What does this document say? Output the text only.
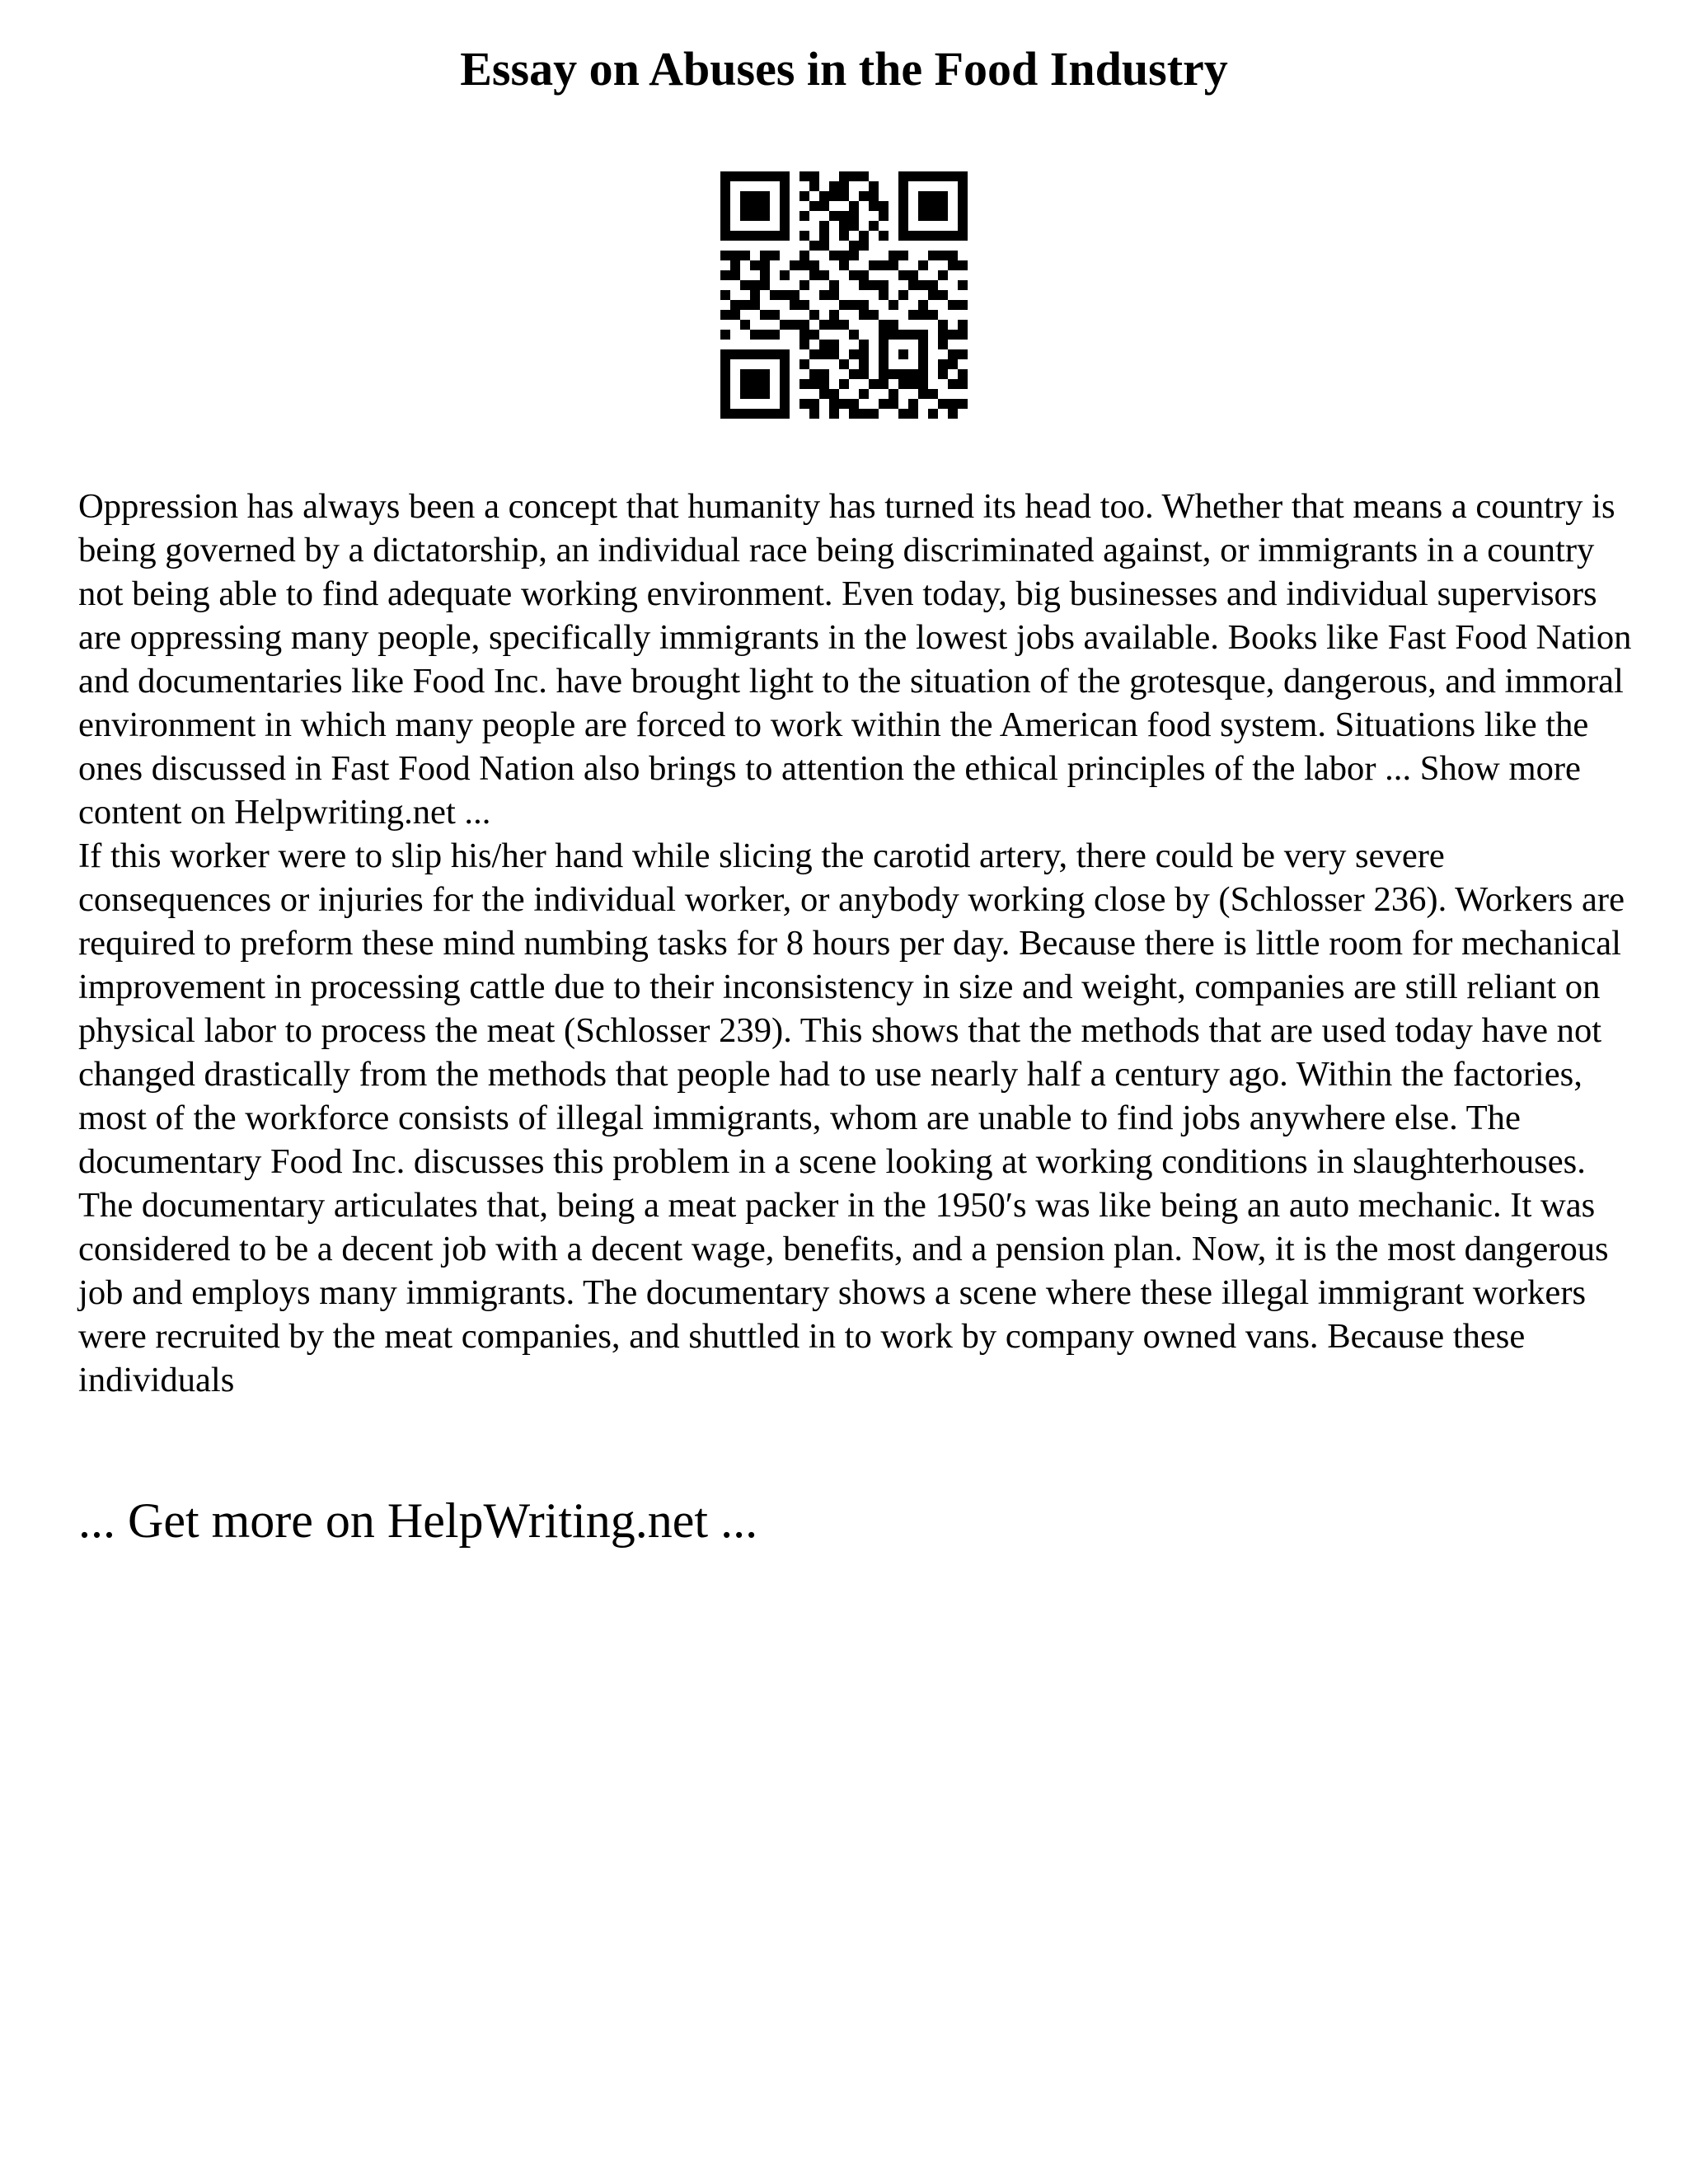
Essay on Abuses in the Food Industry

Oppression has always been a concept that humanity has turned its head too. Whether that means a country is being governed by a dictatorship, an individual race being discriminated against, or immigrants in a country not being able to find adequate working environment. Even today, big businesses and individual supervisors are oppressing many people, specifically immigrants in the lowest jobs available. Books like Fast Food Nation and documentaries like Food Inc. have brought light to the situation of the grotesque, dangerous, and immoral environment in which many people are forced to work within the American food system. Situations like the ones discussed in Fast Food Nation also brings to attention the ethical principles of the labor ... Show more content on Helpwriting.net ...

If this worker were to slip his/her hand while slicing the carotid artery, there could be very severe consequences or injuries for the individual worker, or anybody working close by (Schlosser 236). Workers are required to preform these mind numbing tasks for 8 hours per day. Because there is little room for mechanical improvement in processing cattle due to their inconsistency in size and weight, companies are still reliant on physical labor to process the meat (Schlosser 239). This shows that the methods that are used today have not changed drastically from the methods that people had to use nearly half a century ago. Within the factories, most of the workforce consists of illegal immigrants, whom are unable to find jobs anywhere else. The documentary Food Inc. discusses this problem in a scene looking at working conditions in slaughterhouses. The documentary articulates that, being a meat packer in the 1950′s was like being an auto mechanic. It was considered to be a decent job with a decent wage, benefits, and a pension plan. Now, it is the most dangerous job and employs many immigrants. The documentary shows a scene where these illegal immigrant workers were recruited by the meat companies, and shuttled in to work by company owned vans. Because these individuals

... Get more on HelpWriting.net ...
